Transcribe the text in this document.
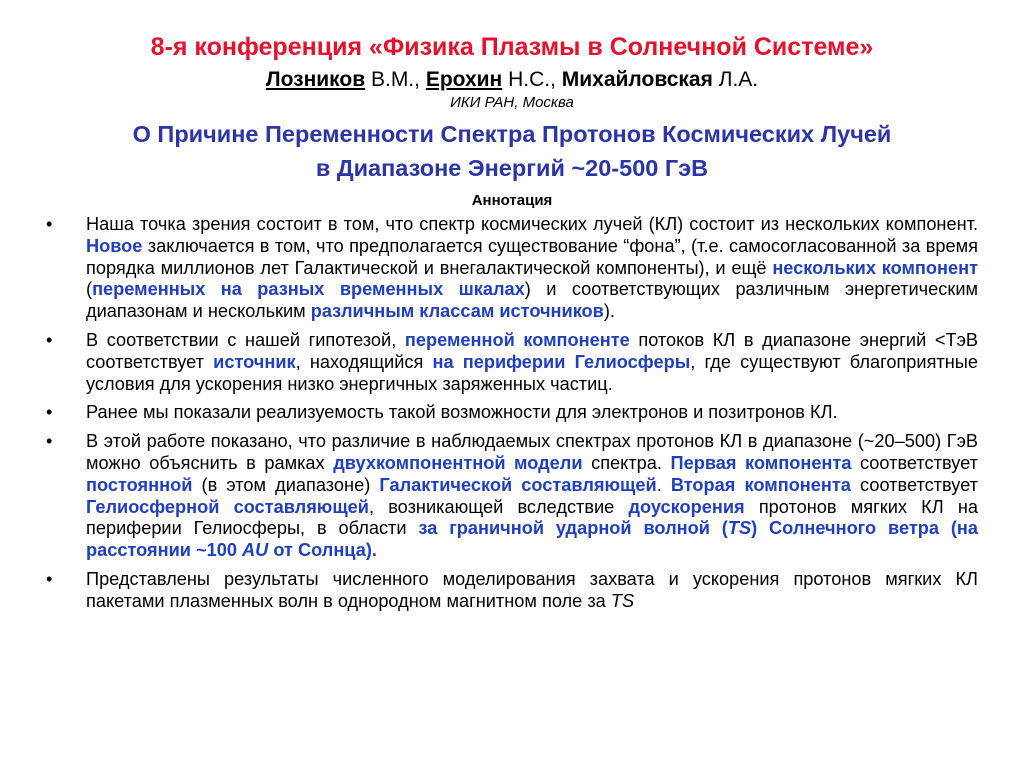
8-я конференция «Физика Плазмы в Солнечной Системе»

Лозников В.М., Ерохин Н.С., Михайловская Л.А.

ИКИ РАН, Москва

О Причине Переменности Спектра Протонов Космических Лучей
в Диапазоне Энергий ~20-500 ГэВ

Аннотация
•	Наша точка зрения состоит в том, что спектр космических лучей (КЛ) состоит из нескольких компонент. Новое заключается в том, что предполагается существование “фона”, (т.е. самосогласованной за время порядка миллионов лет Галактической и внегалактической компоненты), и ещё нескольких компонент (переменных на разных временных шкалах) и соответствующих различным энергетическим диапазонам и нескольким различным классам источников).
•	В соответствии с нашей гипотезой, переменной компоненте потоков КЛ в диапазоне энергий <ТэВ соответствует источник, находящийся на периферии Гелиосферы, где существуют благоприятные условия для ускорения низко энергичных заряженных частиц.
•	Ранее мы показали реализуемость такой возможности для электронов и позитронов КЛ.
•	В этой работе показано, что различие в наблюдаемых спектрах протонов КЛ в диапазоне (~20–500) ГэВ можно объяснить в рамках двухкомпонентной модели спектра. Первая компонента соответствует постоянной (в этом диапазоне) Галактической составляющей. Вторая компонента соответствует Гелиосферной составляющей, возникающей вследствие доускорения протонов мягких КЛ на периферии Гелиосферы, в области за граничной ударной волной (TS) Солнечного ветра (на расстоянии ~100 AU от Солнца).
•	Представлены результаты численного моделирования захвата и ускорения протонов мягких КЛ пакетами плазменных волн в однородном магнитном поле за TS
